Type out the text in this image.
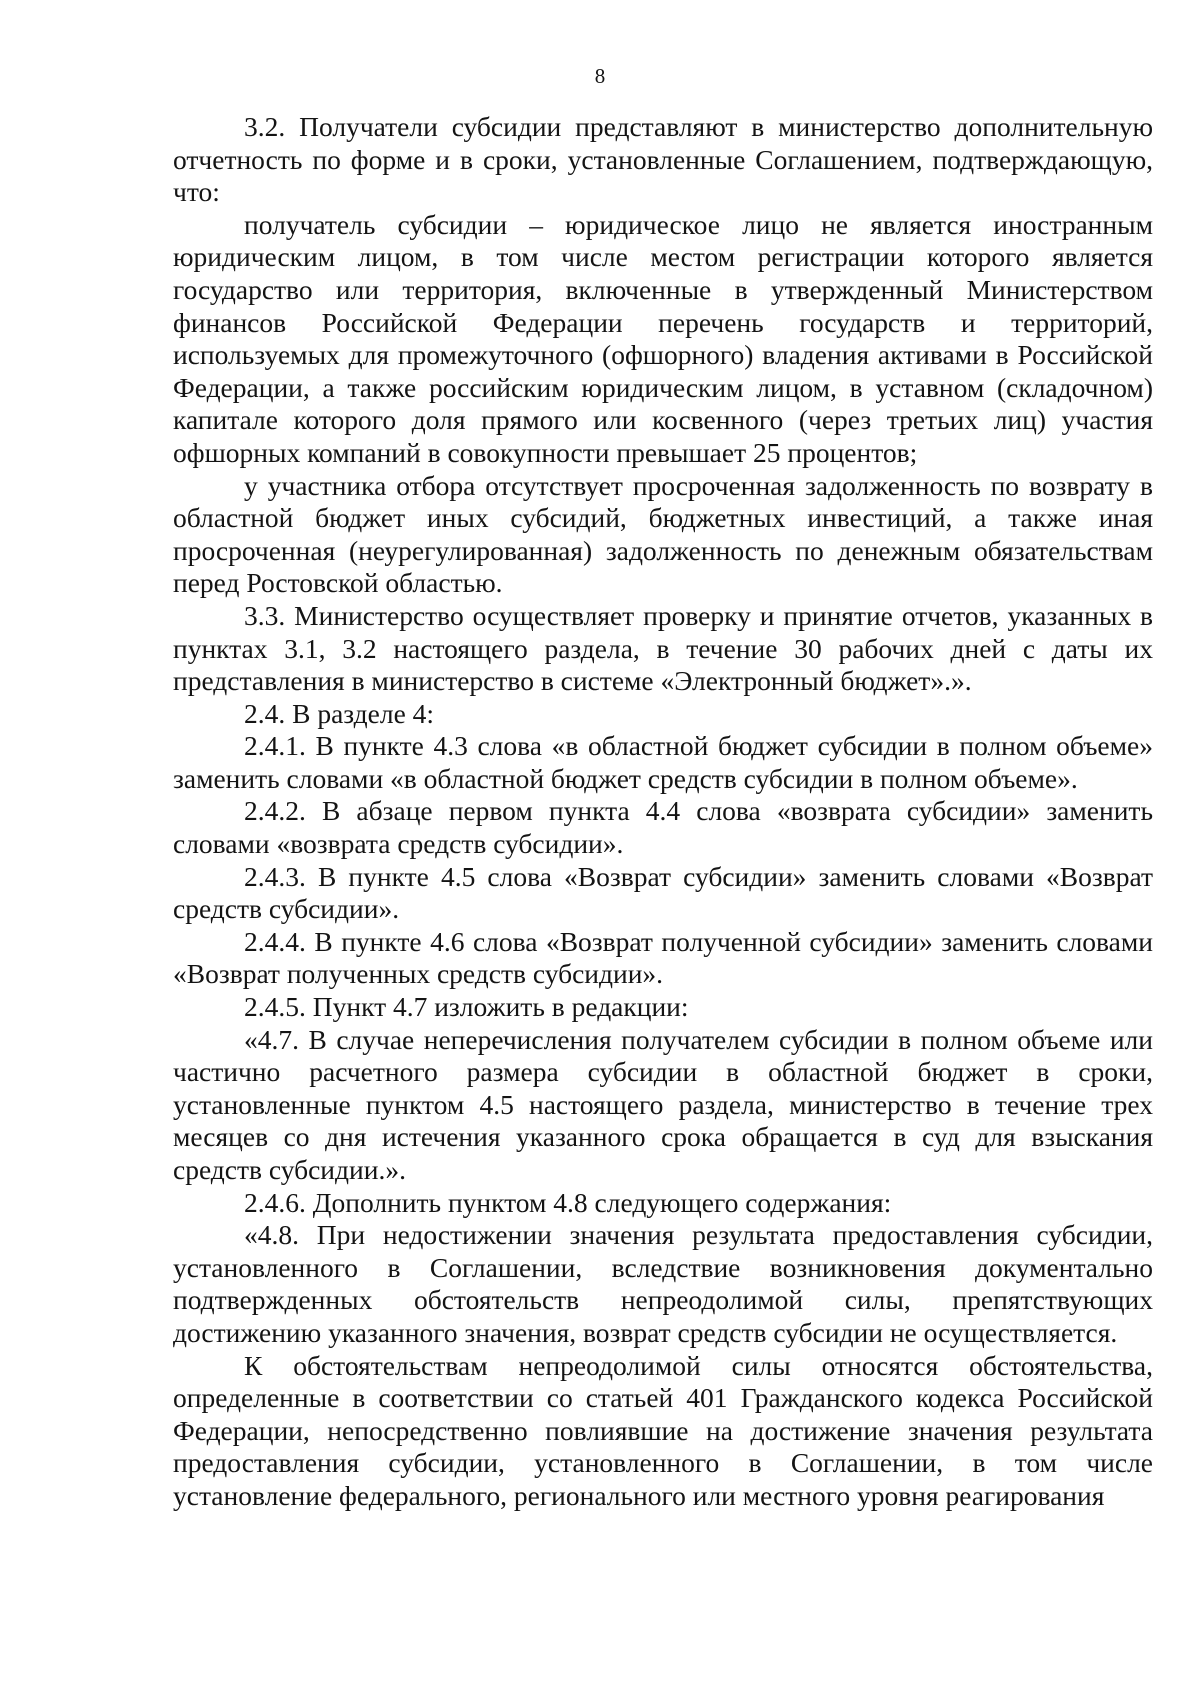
8

3.2. Получатели субсидии представляют в министерство дополнительную отчетность по форме и в сроки, установленные Соглашением, подтверждающую, что:

получатель субсидии – юридическое лицо не является иностранным юридическим лицом, в том числе местом регистрации которого является государство или территория, включенные в утвержденный Министерством финансов Российской Федерации перечень государств и территорий, используемых для промежуточного (офшорного) владения активами в Российской Федерации, а также российским юридическим лицом, в уставном (складочном) капитале которого доля прямого или косвенного (через третьих лиц) участия офшорных компаний в совокупности превышает 25 процентов;

у участника отбора отсутствует просроченная задолженность по возврату в областной бюджет иных субсидий, бюджетных инвестиций, а также иная просроченная (неурегулированная) задолженность по денежным обязательствам перед Ростовской областью.

3.3. Министерство осуществляет проверку и принятие отчетов, указанных в пунктах 3.1, 3.2 настоящего раздела, в течение 30 рабочих дней с даты их представления в министерство в системе «Электронный бюджет».».

2.4. В разделе 4:

2.4.1. В пункте 4.3 слова «в областной бюджет субсидии в полном объеме» заменить словами «в областной бюджет средств субсидии в полном объеме».

2.4.2. В абзаце первом пункта 4.4 слова «возврата субсидии» заменить словами «возврата средств субсидии».

2.4.3. В пункте 4.5 слова «Возврат субсидии» заменить словами «Возврат средств субсидии».

2.4.4. В пункте 4.6 слова «Возврат полученной субсидии» заменить словами «Возврат полученных средств субсидии».

2.4.5. Пункт 4.7 изложить в редакции:

«4.7. В случае неперечисления получателем субсидии в полном объеме или частично расчетного размера субсидии в областной бюджет в сроки, установленные пунктом 4.5 настоящего раздела, министерство в течение трех месяцев со дня истечения указанного срока обращается в суд для взыскания средств субсидии.».

2.4.6. Дополнить пунктом 4.8 следующего содержания:

«4.8. При недостижении значения результата предоставления субсидии, установленного в Соглашении, вследствие возникновения документально подтвержденных обстоятельств непреодолимой силы, препятствующих достижению указанного значения, возврат средств субсидии не осуществляется.

К обстоятельствам непреодолимой силы относятся обстоятельства, определенные в соответствии со статьей 401 Гражданского кодекса Российской Федерации, непосредственно повлиявшие на достижение значения результата предоставления субсидии, установленного в Соглашении, в том числе установление федерального, регионального или местного уровня реагирования
